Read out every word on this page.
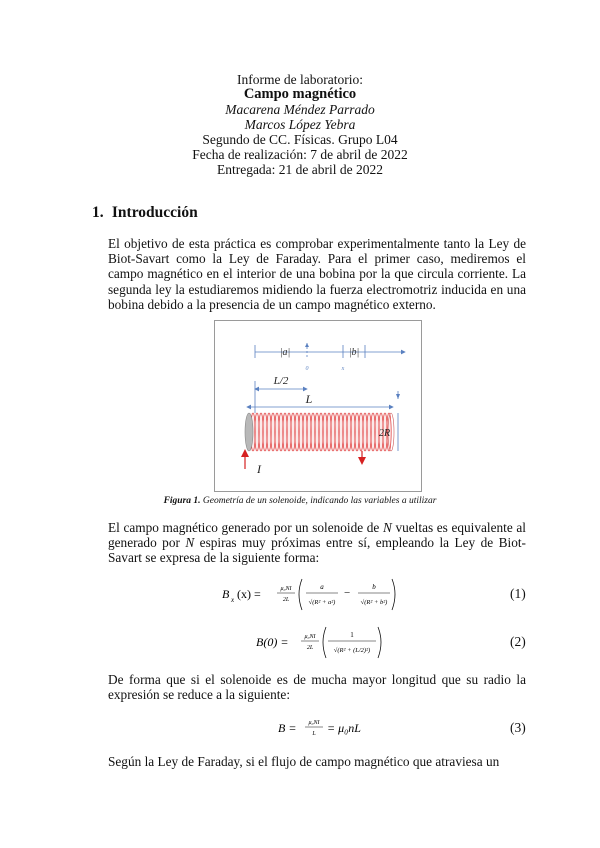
Informe de laboratorio:
Campo magnético
Macarena Méndez Parrado
Marcos López Yebra
Segundo de CC. Físicas. Grupo L04
Fecha de realización: 7 de abril de 2022
Entregada: 21 de abril de 2022
1. Introducción
El objetivo de esta práctica es comprobar experimentalmente tanto la Ley de Biot-Savart como la Ley de Faraday. Para el primer caso, mediremos el campo magnético en el interior de una bobina por la que circula corriente. La segunda ley la estudiaremos midiendo la fuerza electromotriz inducida en una bobina debido a la presencia de un campo magnético externo.
|a|	|b|
0	x
L/2
L
2R
I
Figura 1. Geometría de un solenoide, indicando las variables a utilizar
El campo magnético generado por un solenoide de N vueltas es equivalente al generado por N espiras muy próximas entre sí, empleando la Ley de Biot-Savart se expresa de la siguiente forma:
B x (x) =	μ₀NI
2L
a
√(R² + a²)
−	b
√(R² + b²)
(1)
B(0) =	μ₀NI
2L
1
√(R² + (L/2)²)
(2)
De forma que si el solenoide es de mucha mayor longitud que su radio la expresión se reduce a la siguiente:
B = μ₀NI
L = μ₀nL	(3)
Según la Ley de Faraday, si el flujo de campo magnético que atraviesa un
